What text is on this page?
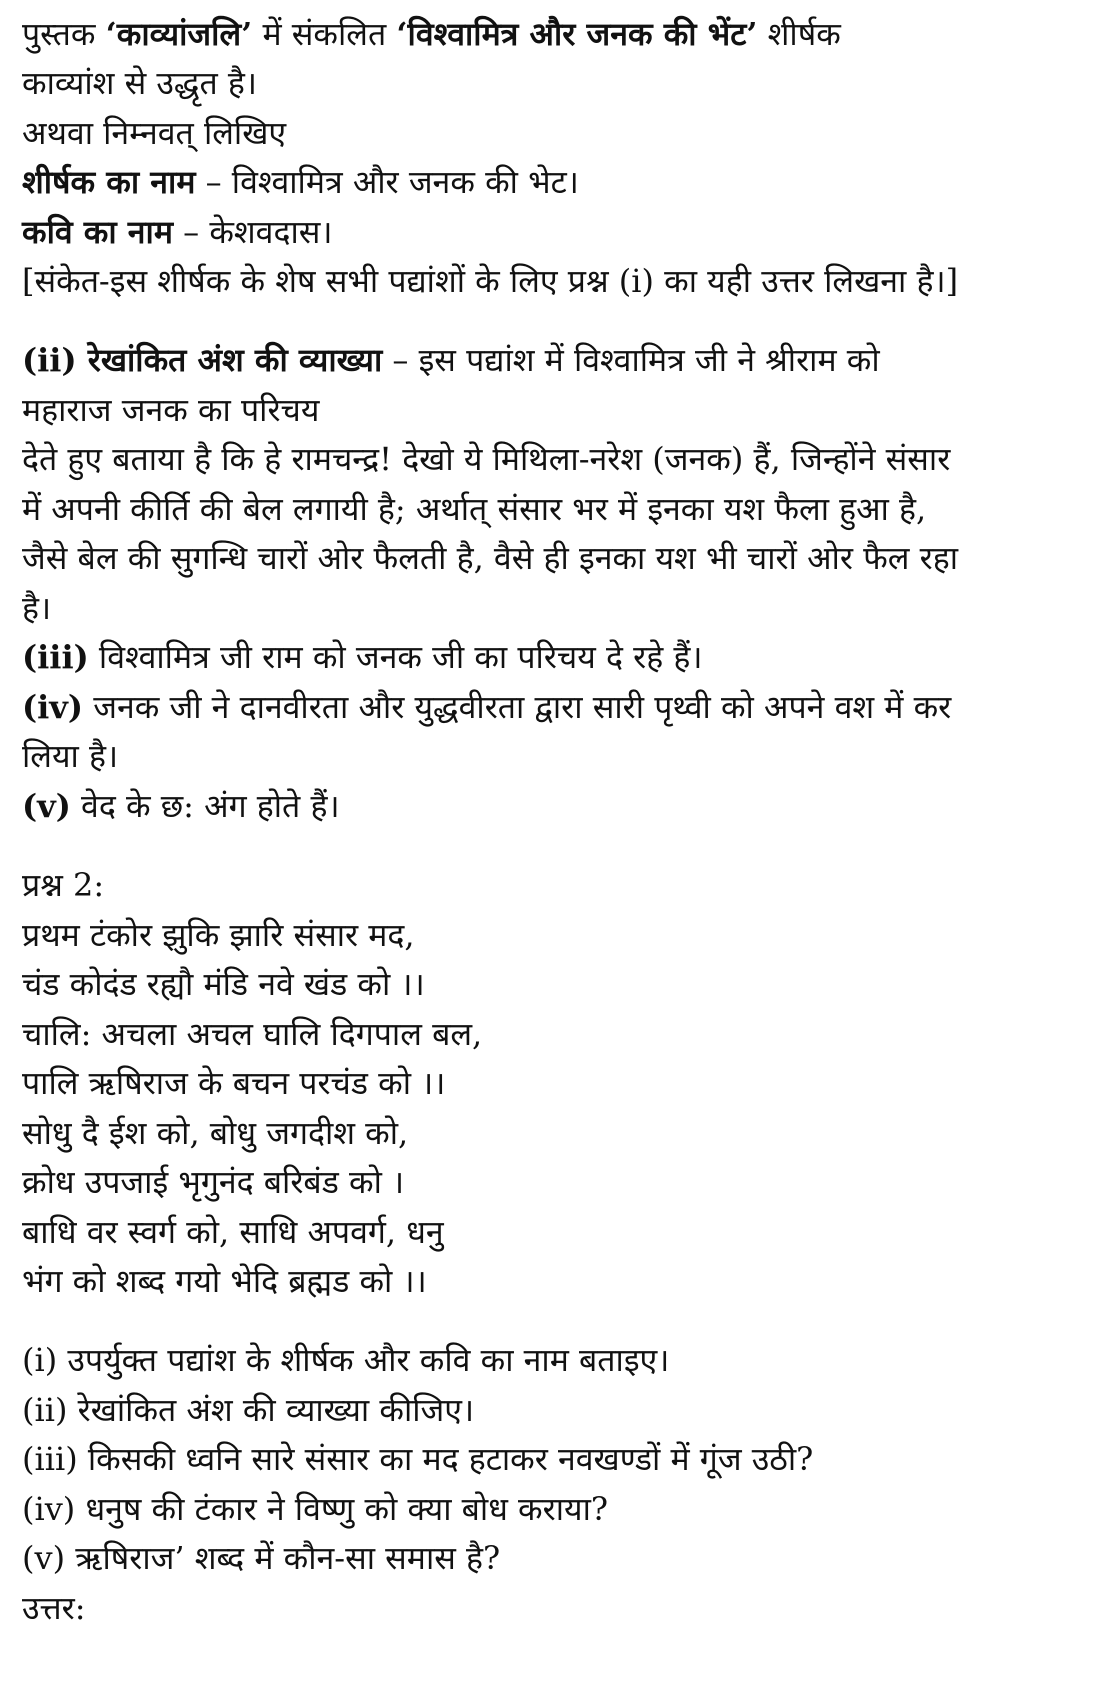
पुस्तक ‘काव्यांजलि’ में संकलित ‘विश्वामित्र और जनक की भेंट’ शीर्षक
काव्यांश से उद्धृत है।
अथवा निम्नवत् लिखिए
शीर्षक का नाम – विश्वामित्र और जनक की भेट।
कवि का नाम – केशवदास।
[संकेत-इस शीर्षक के शेष सभी पद्यांशों के लिए प्रश्न (i) का यही उत्तर लिखना है।]
(ii) रेखांकित अंश की व्याख्या – इस पद्यांश में विश्वामित्र जी ने श्रीराम को
महाराज जनक का परिचय
देते हुए बताया है कि हे रामचन्द्र! देखो ये मिथिला-नरेश (जनक) हैं, जिन्होंने संसार
में अपनी कीर्ति की बेल लगायी है; अर्थात् संसार भर में इनका यश फैला हुआ है,
जैसे बेल की सुगन्धि चारों ओर फैलती है, वैसे ही इनका यश भी चारों ओर फैल रहा
है।
(iii) विश्वामित्र जी राम को जनक जी का परिचय दे रहे हैं।
(iv) जनक जी ने दानवीरता और युद्धवीरता द्वारा सारी पृथ्वी को अपने वश में कर
लिया है।
(v) वेद के छ: अंग होते हैं।
प्रश्न 2:
प्रथम टंकोर झुकि झारि संसार मद,
चंड कोदंड रह्यौ मंडि नवे खंड को ।।
चालि: अचला अचल घालि दिगपाल बल,
पालि ऋषिराज के बचन परचंड को ।।
सोधु दै ईश को, बोधु जगदीश को,
क्रोध उपजाई भृगुनंद बरिबंड को ।
बाधि वर स्वर्ग को, साधि अपवर्ग, धनु
भंग को शब्द गयो भेदि ब्रह्मड को ।।
(i) उपर्युक्त पद्यांश के शीर्षक और कवि का नाम बताइए।
(ii) रेखांकित अंश की व्याख्या कीजिए।
(iii) किसकी ध्वनि सारे संसार का मद हटाकर नवखण्डों में गूंज उठी?
(iv) धनुष की टंकार ने विष्णु को क्या बोध कराया?
(v) ऋषिराज’ शब्द में कौन-सा समास है?
उत्तर:
